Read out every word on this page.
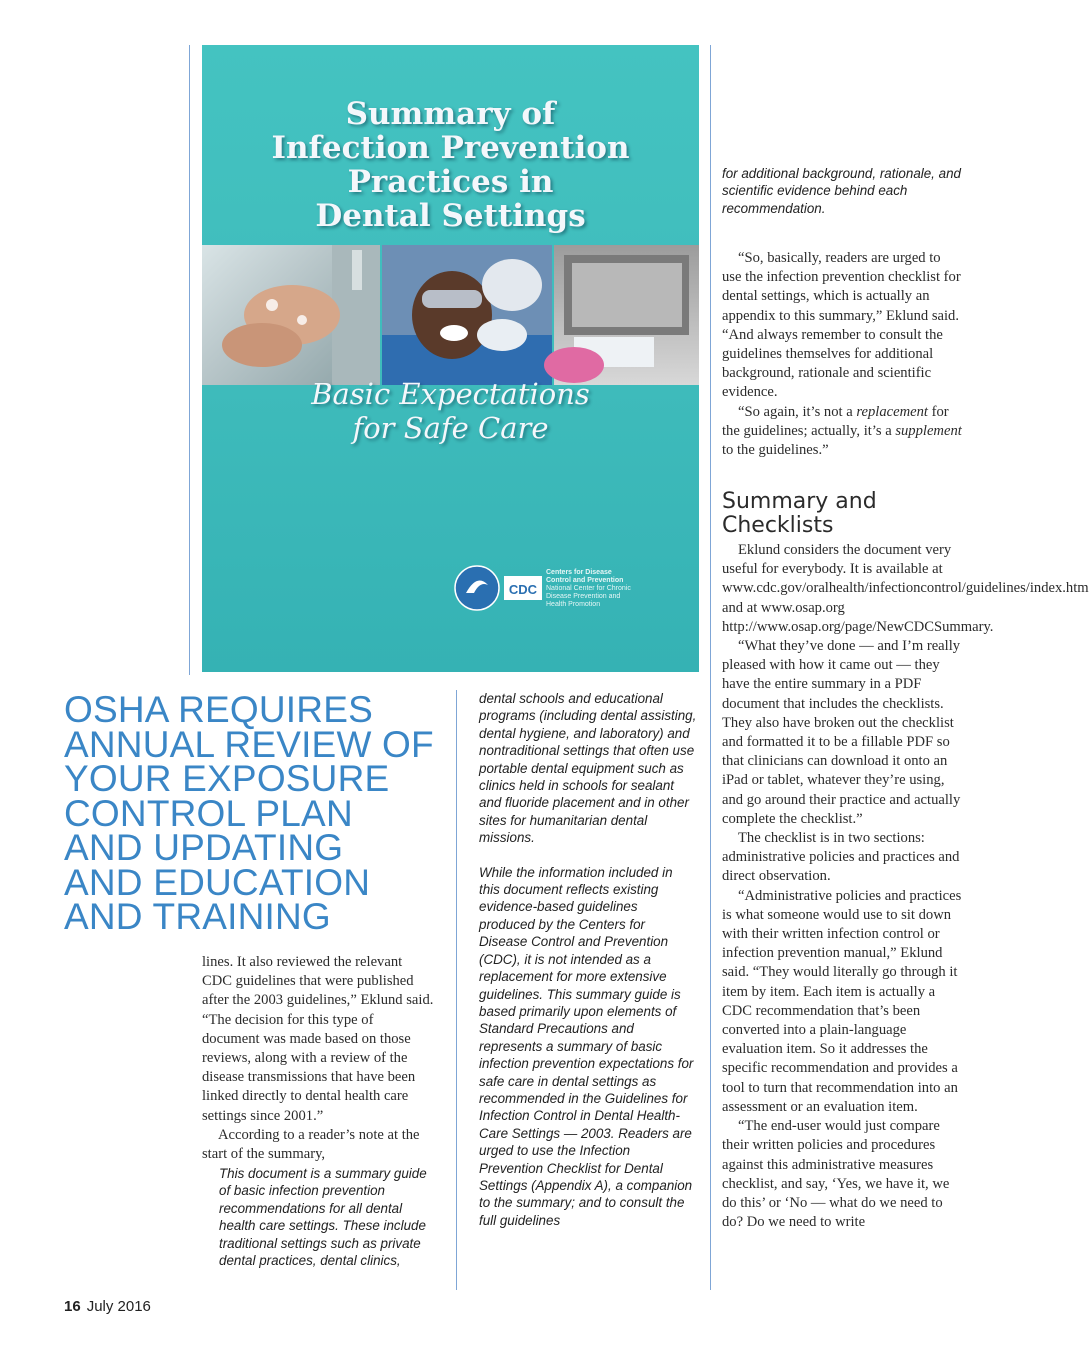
Summary of
Infection Prevention
Practices in
Dental Settings
Basic Expectations
for Safe Care
CDC
Centers for Disease
Control and Prevention
National Center for Chronic
Disease Prevention and
Health Promotion
OSHA REQUIRES
ANNUAL REVIEW OF
YOUR EXPOSURE
CONTROL PLAN
AND UPDATING
AND EDUCATION
AND TRAINING

lines. It also reviewed the relevant CDC guidelines that were published after the 2003 guidelines,” Eklund said. “The decision for this type of document was made based on those reviews, along with a review of the disease transmissions that have been linked directly to dental health care settings since 2001.”

According to a reader’s note at the start of the summary,

This document is a summary guide of basic infection prevention recommendations for all dental health care settings. These include traditional settings such as private dental practices, dental clinics,

dental schools and educational programs (including dental assisting, dental hygiene, and laboratory) and nontraditional settings that often use portable dental equipment such as clinics held in schools for sealant and fluoride placement and in other sites for humanitarian dental missions.

While the information included in this document reflects existing evidence-based guidelines produced by the Centers for Disease Control and Prevention (CDC), it is not intended as a replacement for more extensive guidelines. This summary guide is based primarily upon elements of Standard Precautions and represents a summary of basic infection prevention expectations for safe care in dental settings as recommended in the Guidelines for Infection Control in Dental Health-Care Settings — 2003. Readers are urged to use the Infection Prevention Checklist for Dental Settings (Appendix A), a companion to the summary; and to consult the full guidelines

for additional background, rationale, and scientific evidence behind each recommendation.

“So, basically, readers are urged to use the infection prevention checklist for dental settings, which is actually an appendix to this summary,” Eklund said. “And always remember to consult the guidelines themselves for additional background, rationale and scientific evidence.

“So again, it’s not a replacement for the guidelines; actually, it’s a supplement to the guidelines.”

Summary and Checklists

Eklund considers the document very useful for everybody. It is available at www.cdc.gov/oralhealth/infectioncontrol/guidelines/index.htm and at www.osap.org http://www.osap.org/page/NewCDCSummary.

“What they’ve done — and I’m really pleased with how it came out — they have the entire summary in a PDF document that includes the checklists. They also have broken out the checklist and formatted it to be a fillable PDF so that clinicians can download it onto an iPad or tablet, whatever they’re using, and go around their practice and actually complete the checklist.”

The checklist is in two sections: administrative policies and practices and direct observation.

“Administrative policies and practices is what someone would use to sit down with their written infection control or infection prevention manual,” Eklund said. “They would literally go through it item by item. Each item is actually a CDC recommendation that’s been converted into a plain-language evaluation item. So it addresses the specific recommendation and provides a tool to turn that recommendation into an assessment or an evaluation item.

“The end-user would just compare their written policies and procedures against this administrative measures checklist, and say, ‘Yes, we have it, we do this’ or ‘No — what do we need to do? Do we need to write

16 July 2016
